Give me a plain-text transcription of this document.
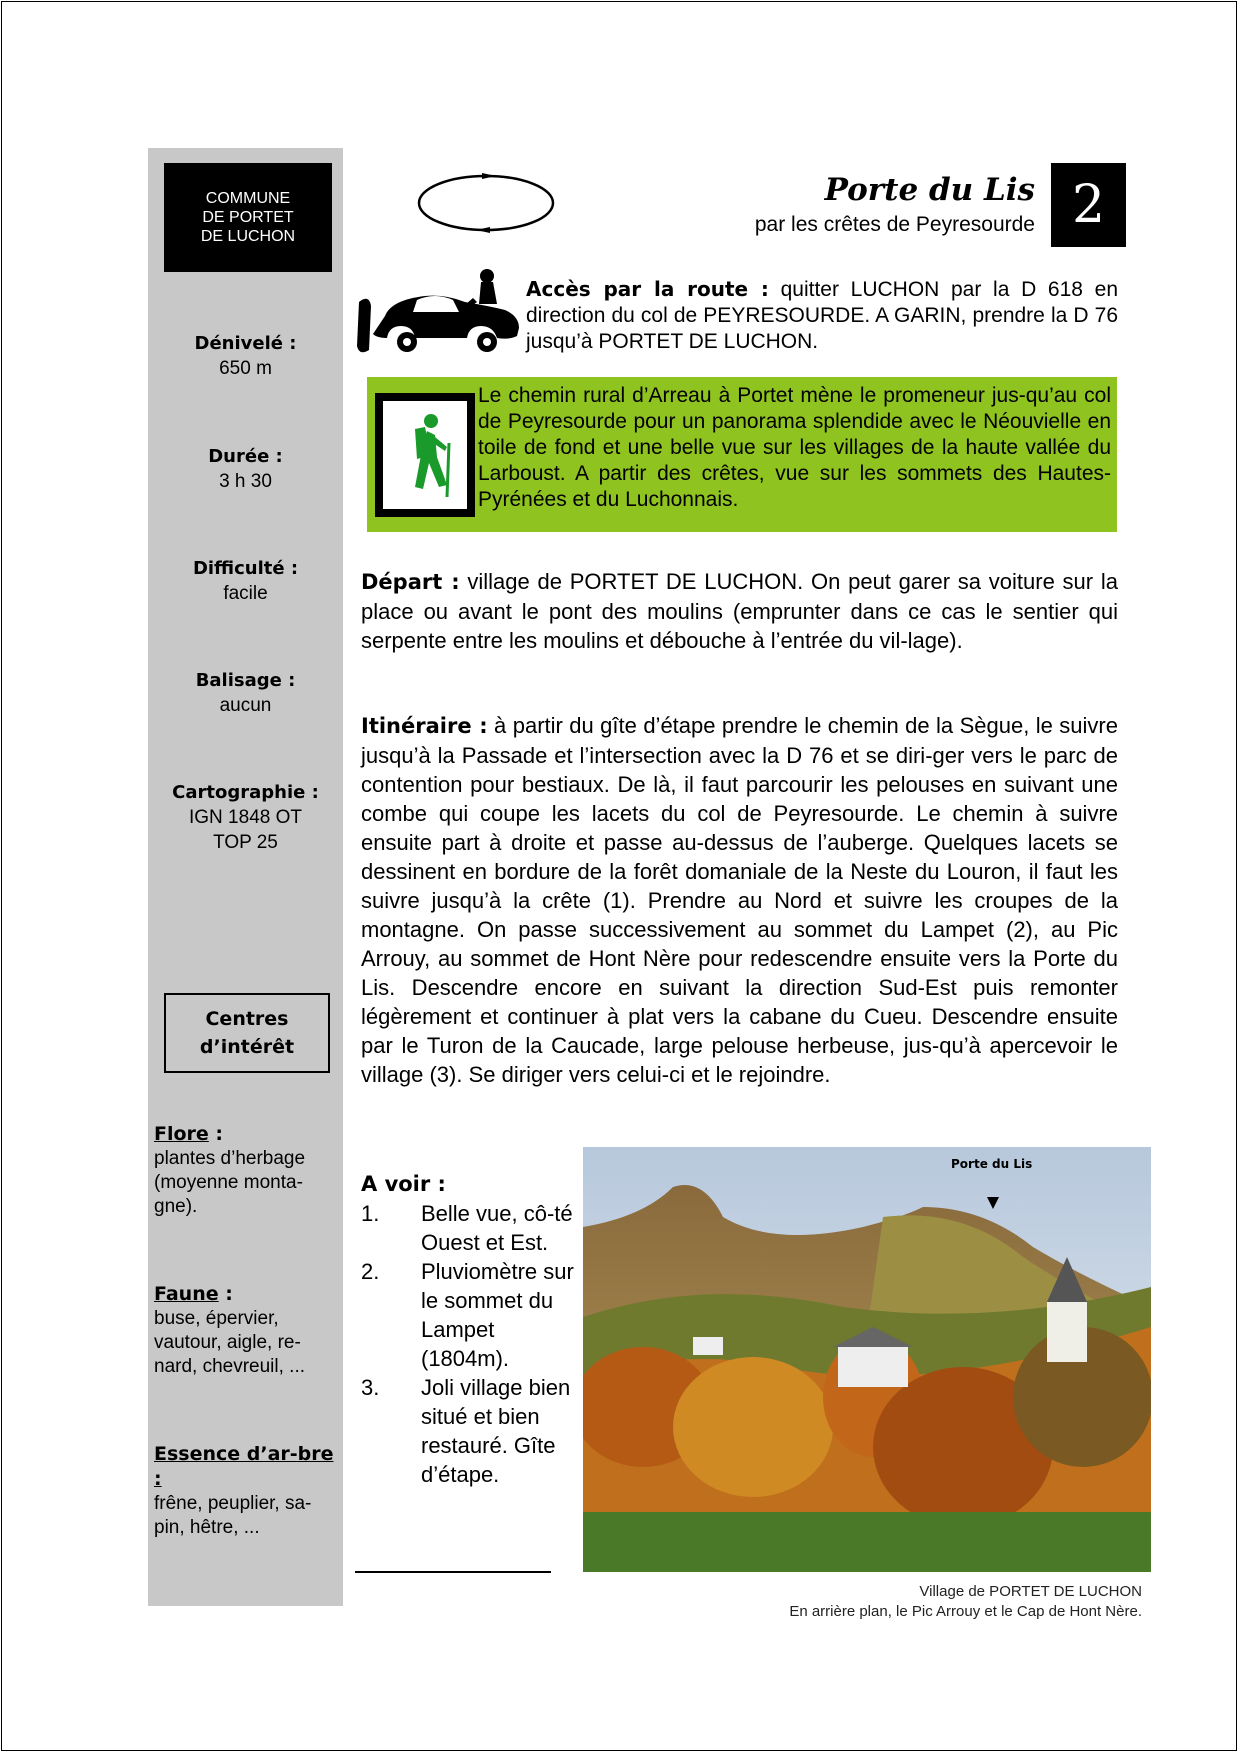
COMMUNE DE PORTET DE LUCHON
Dénivelé :
650 m
Durée :
3 h 30
Difficulté :
facile
Balisage :
aucun
Cartographie :
IGN 1848 OT
TOP 25
Centres d’intérêt
Flore :
plantes d’herbage (moyenne monta-gne).
Faune :
buse, épervier, vautour, aigle, re-nard, chevreuil, ...
Essence d’ar-bre :
frêne, peuplier, sa-pin, hêtre, ...
Porte du Lis
par les crêtes de Peyresourde 2
Accès par la route : quitter LUCHON par la D 618 en direction du col de PEYRESOURDE. A GARIN, prendre la D 76 jusqu’à PORTET DE LUCHON.
Le chemin rural d’Arreau à Portet mène le promeneur jus-qu’au col de Peyresourde pour un panorama splendide avec le Néouvielle en toile de fond et une belle vue sur les villages de la haute vallée du Larboust. A partir des crêtes, vue sur les sommets des Hautes-Pyrénées et du Luchonnais.
Départ : village de PORTET DE LUCHON. On peut garer sa voiture sur la place ou avant le pont des moulins (emprunter dans ce cas le sentier qui serpente entre les moulins et débouche à l’entrée du vil-lage).
Itinéraire : à partir du gîte d’étape prendre le chemin de la Sègue, le suivre jusqu’à la Passade et l’intersection avec la D 76 et se diri-ger vers le parc de contention pour bestiaux. De là, il faut parcourir les pelouses en suivant une combe qui coupe les lacets du col de Peyresourde. Le chemin à suivre ensuite part à droite et passe au-dessus de l’auberge. Quelques lacets se dessinent en bordure de la forêt domaniale de la Neste du Louron, il faut les suivre jusqu’à la crête (1). Prendre au Nord et suivre les croupes de la montagne. On passe successivement au sommet du Lampet (2), au Pic Arrouy, au sommet de Hont Nère pour redescendre ensuite vers la Porte du Lis. Descendre encore en suivant la direction Sud-Est puis remonter légèrement et continuer à plat vers la cabane du Cueu. Descendre ensuite par le Turon de la Caucade, large pelouse herbeuse, jus-qu’à apercevoir le village (3). Se diriger vers celui-ci et le rejoindre.
A voir :
1. Belle vue, cô-té Ouest et Est.
2. Pluviomètre sur le sommet du Lampet (1804m).
3. Joli village bien situé et bien restauré. Gîte d’étape.
Porte du Lis
Village de PORTET DE LUCHON
En arrière plan, le Pic Arrouy et le Cap de Hont Nère.
